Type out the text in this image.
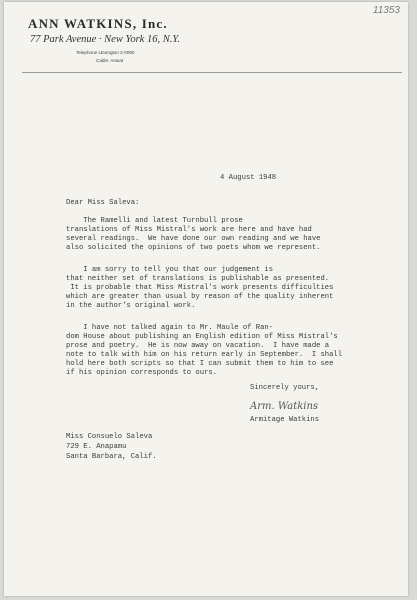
11353
ANN WATKINS, Inc.
77 Park Avenue · New York 16, N.Y.
Telephone LExington 2-0090
Cable: Anwat
4 August 1948
Dear Miss Saleva:
The Ramelli and latest Turnbull prose
translations of Miss Mistral's work are here and have had
several readings.  We have done our own reading and we have
also solicited the opinions of two poets whom we represent.
I am sorry to tell you that our judgement is
that neither set of translations is publishable as presented.
It is probable that Miss Mistral's work presents difficulties
which are greater than usual by reason of the quality inherent
in the author's original work.
I have not talked again to Mr. Maule of Ran-
dom House about publishing an English edition of Miss Mistral's
prose and poetry.  He is now away on vacation.  I have made a
note to talk with him on his return early in September.  I shall
hold here both scripts so that I can submit them to him to see
if his opinion corresponds to ours.
Sincerely yours,
Arm. Watkins
Armitage Watkins
Miss Consuelo Saleva
729 E. Anapamu
Santa Barbara, Calif.
